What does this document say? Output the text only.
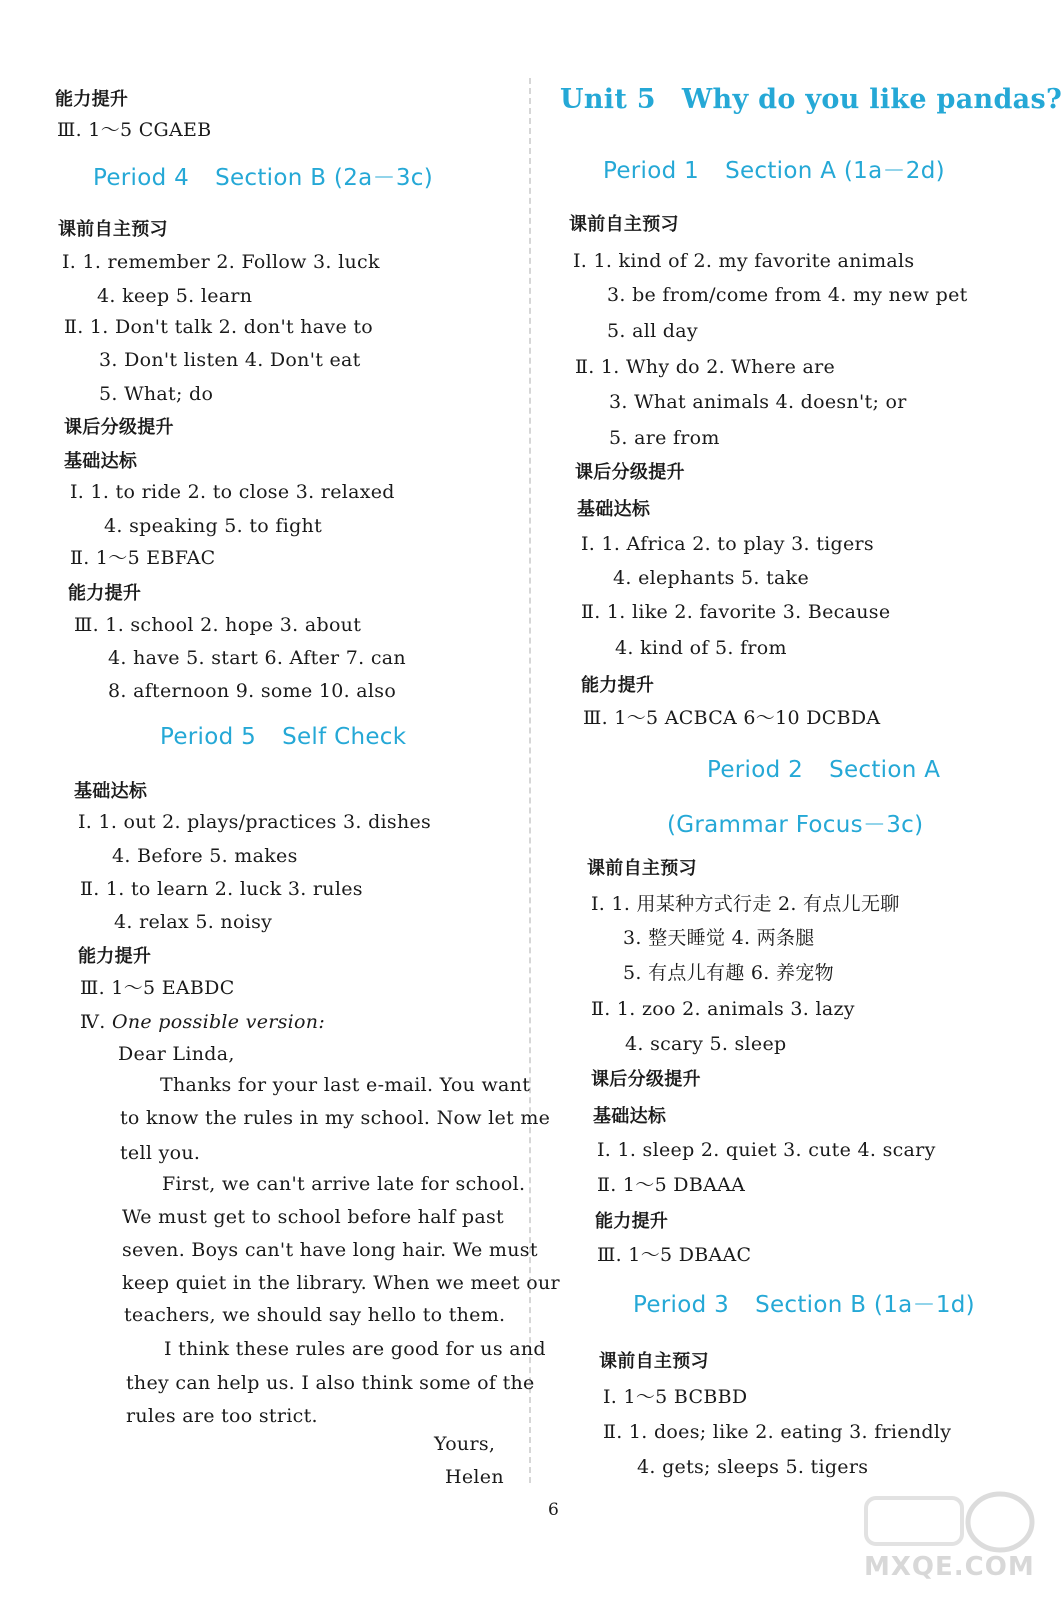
能力提升
Ⅲ. 1～5 CGAEB
Period 4 Section B (2a－3c)
课前自主预习
Ⅰ. 1. remember 2. Follow 3. luck
4. keep 5. learn
Ⅱ. 1. Don't talk 2. don't have to
3. Don't listen 4. Don't eat
5. What; do
课后分级提升
基础达标
Ⅰ. 1. to ride 2. to close 3. relaxed
4. speaking 5. to fight
Ⅱ. 1～5 EBFAC
能力提升
Ⅲ. 1. school 2. hope 3. about
4. have 5. start 6. After 7. can
8. afternoon 9. some 10. also
Period 5 Self Check
基础达标
Ⅰ. 1. out 2. plays/practices 3. dishes
4. Before 5. makes
Ⅱ. 1. to learn 2. luck 3. rules
4. relax 5. noisy
能力提升
Ⅲ. 1～5 EABDC
Ⅳ. One possible version:
Dear Linda,
Thanks for your last e-mail. You want
to know the rules in my school. Now let me
tell you.
First, we can't arrive late for school.
We must get to school before half past
seven. Boys can't have long hair. We must
keep quiet in the library. When we meet our
teachers, we should say hello to them.
I think these rules are good for us and
they can help us. I also think some of the
rules are too strict.
Yours,
Helen
Unit 5 Why do you like pandas?
Period 1 Section A (1a－2d)
课前自主预习
Ⅰ. 1. kind of 2. my favorite animals
3. be from/come from 4. my new pet
5. all day
Ⅱ. 1. Why do 2. Where are
3. What animals 4. doesn't; or
5. are from
课后分级提升
基础达标
Ⅰ. 1. Africa 2. to play 3. tigers
4. elephants 5. take
Ⅱ. 1. like 2. favorite 3. Because
4. kind of 5. from
能力提升
Ⅲ. 1～5 ACBCA 6～10 DCBDA
Period 2 Section A
(Grammar Focus－3c)
课前自主预习
Ⅰ. 1. 用某种方式行走 2. 有点儿无聊
3. 整天睡觉 4. 两条腿
5. 有点儿有趣 6. 养宠物
Ⅱ. 1. zoo 2. animals 3. lazy
4. scary 5. sleep
课后分级提升
基础达标
Ⅰ. 1. sleep 2. quiet 3. cute 4. scary
Ⅱ. 1～5 DBAAA
能力提升
Ⅲ. 1～5 DBAAC
Period 3 Section B (1a－1d)
课前自主预习
Ⅰ. 1～5 BCBBD
Ⅱ. 1. does; like 2. eating 3. friendly
4. gets; sleeps 5. tigers
6
MXQE.COM
